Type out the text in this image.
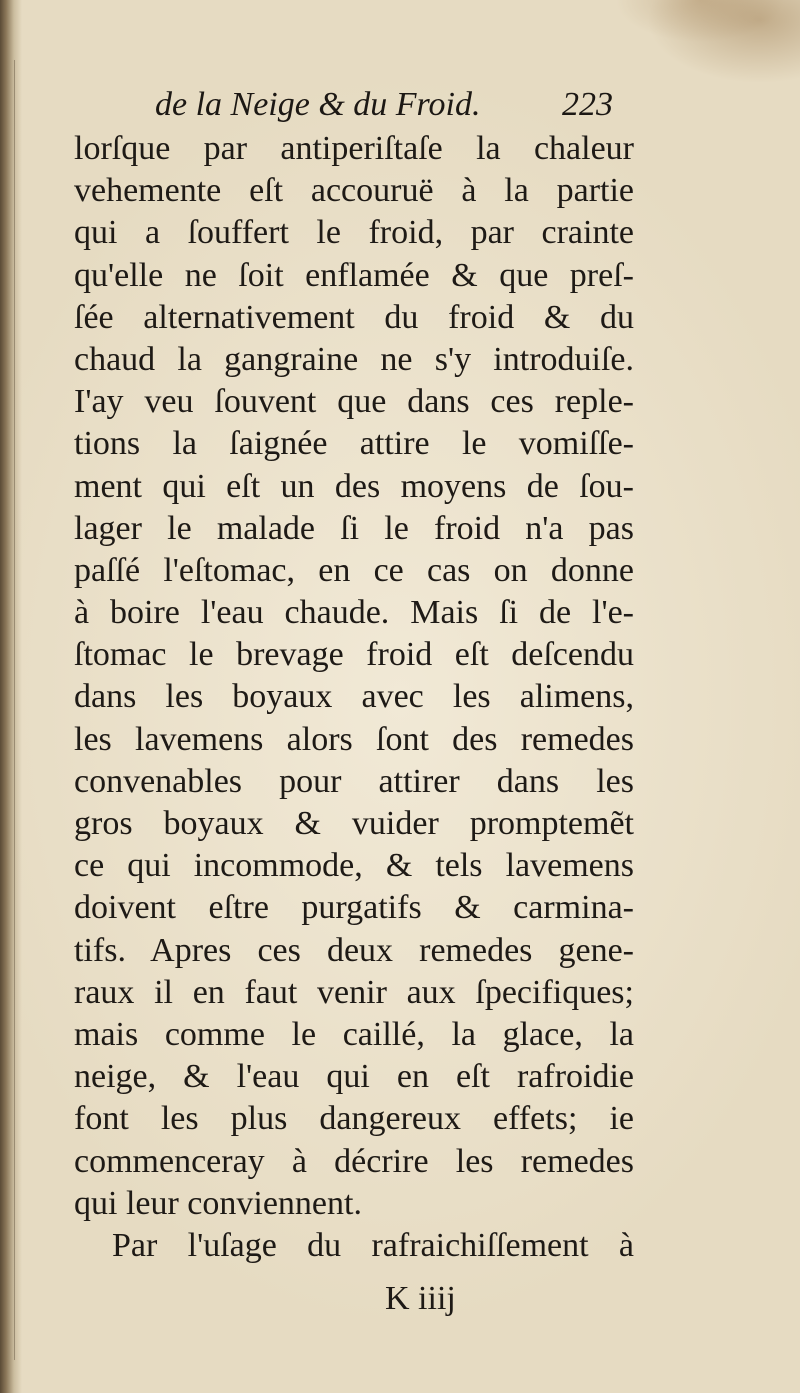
de la Neige & du Froid.	223
lorſque par antiperiſtaſe la chaleur
vehemente eſt accouruë à la partie
qui a ſouffert le froid, par crainte
qu'elle ne ſoit enflamée & que preſ-
ſée alternativement du froid & du
chaud la gangraine ne s'y introduiſe.
I'ay veu ſouvent que dans ces reple-
tions la ſaignée attire le vomiſſe-
ment qui eſt un des moyens de ſou-
lager le malade ſi le froid n'a pas
paſſé l'eſtomac, en ce cas on donne
à boire l'eau chaude. Mais ſi de l'e-
ſtomac le brevage froid eſt deſcendu
dans les boyaux avec les alimens,
les lavemens alors ſont des remedes
convenables pour attirer dans les
gros boyaux & vuider promptemẽt
ce qui incommode, & tels lavemens
doivent eſtre purgatifs & carmina-
tifs. Apres ces deux remedes gene-
raux il en faut venir aux ſpecifiques;
mais comme le caillé, la glace, la
neige, & l'eau qui en eſt rafroidie
font les plus dangereux effets; ie
commenceray à décrire les remedes
qui leur conviennent.
Par l'uſage du rafraichiſſement à
K iiij
